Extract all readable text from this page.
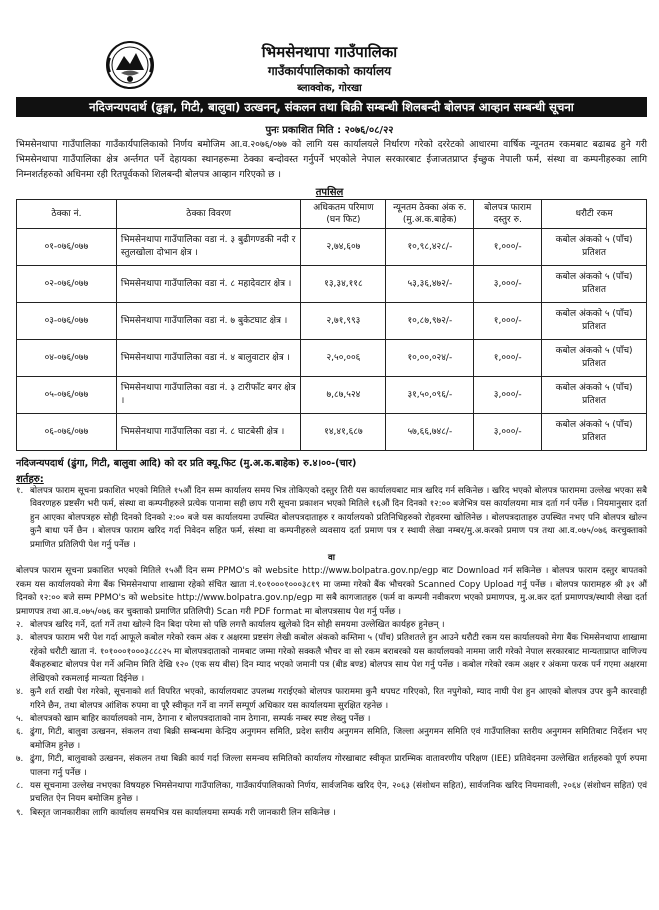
भिमसेनथापा गाउँपालिका
गाउँकार्यपालिकाको कार्यालय
ब्लाक्वोक, गोरखा
नदिजन्यपदार्थ (ढुङ्गा, गिटी, बालुवा) उत्खनन्, संकलन तथा बिक्री सम्बन्धी शिलबन्दी बोलपत्र आव्हान सम्बन्धी सूचना
पुनः प्रकाशित मिति : २०७६/०८/२२
भिमसेनथापा गाउँपालिका गाउँकार्यपालिकाको निर्णय बमोजिम आ.व.२०७६/०७७ को लागि यस कार्यालयले निर्धारण गरेको दररेटको आधारमा वार्षिक न्यूनतम रकमबाट बढाबढ हुने गरी भिमसेनथापा गाउँपालिका क्षेत्र अर्न्तगत पर्ने देहायका स्थानहरूमा ठेक्का बन्दोवस्त गर्नुपर्ने भएकोले नेपाल सरकारबाट ईजाजतप्राप्त ईच्छुक नेपाली फर्म, संस्था वा कम्पनीहरुका लागि निम्नशर्तहरुको अधिनमा रही रितपूर्वकको शिलबन्दी बोलपत्र आव्हान गरिएको छ ।
तपसिल
ठेक्का नं.	ठेक्का विवरण	अधिकतम परिमाण (घन फिट)	न्यूनतम ठेक्का अंक रु.(मु.अ.क.बाहेक)	बोलपत्र फाराम दस्तुर रु.	धरौटी रकम
०१-०७६/०७७	भिमसेनथापा गाउँपालिका वडा नं. ३ बुढीगण्डकी नदी र स्तुलखोला दोभान क्षेत्र ।	२,७४,६०७	१०,९८,४२८/-	१,०००/-	कबोल अंकको ५ (पाँच) प्रतिशत
०२-०७६/०७७	भिमसेनथापा गाउँपालिका वडा नं. ८ महादेवटार क्षेत्र ।	१३,३४,११८	५३,३६,४७२/-	३,०००/-	कबोल अंकको ५ (पाँच) प्रतिशत
०३-०७६/०७७	भिमसेनथापा गाउँपालिका वडा नं. ७ बुकेटघाट क्षेत्र ।	२,७१,९९३	१०,८७,९७२/-	१,०००/-	कबोल अंकको ५ (पाँच) प्रतिशत
०४-०७६/०७७	भिमसेनथापा गाउँपालिका वडा नं. ४ बालुवाटार क्षेत्र ।	२,५०,००६	१०,००,०२४/-	१,०००/-	कबोल अंकको ५ (पाँच) प्रतिशत
०५-०७६/०७७	भिमसेनथापा गाउँपालिका वडा नं. ३ टारीफाँट बगर क्षेत्र ।	७,८७,५२४	३१,५०,०९६/-	३,०००/-	कबोल अंकको ५ (पाँच) प्रतिशत
०६-०७६/०७७	भिमसेनथापा गाउँपालिका वडा नं. ८ घाटबेसी क्षेत्र ।	१४,४१,६८७	५७,६६,७४८/-	३,०००/-	कबोल अंकको ५ (पाँच) प्रतिशत
नदिजन्यपदार्थ (ढुंगा, गिटी, बालुवा आदि) को दर प्रति क्यू.फिट (मु.अ.क.बाहेक) रु.४।००-(चार)
शर्तहरु:
१. बोलपत्र फाराम सूचना प्रकाशित भएको मितिले १५औं दिन सम्म कार्यालय समय भित्र तोकिएको दस्तुर तिरी यस कार्यालयबाट मात्र खरिद गर्न सकिनेछ । खरिद भएको बोलपत्र फाराममा उल्लेख भएका सबै विवरणहरु प्रष्टसँग भरी फर्म, संस्था वा कम्पनीहरुले प्रत्येक पानामा सही छाप गरी सूचना प्रकाशन भएको मितिले १६औं दिन दिनको १२:०० बजेभित्र यस कार्यालयमा मात्र दर्ता गर्न पर्नेछ । नियमानुसार दर्ता हुन आएका बोलपत्रहरु सोही दिनको दिनको २:०० बजे यस कार्यालयमा उपस्थित बोलपत्रदाताहरु र कार्यालयको प्रतिनिधिहरुको रोहवरमा खोलिनेछ । बोलपत्रदाताहरु उपस्थित नभए पनि बोलपत्र खोल्न कुनै बाधा पर्ने छैन । बोलपत्र फाराम खरिद गर्दा निवेदन सहित फर्म, संस्था वा कम्पनीहरुले व्यवसाय दर्ता प्रमाण पत्र र स्थायी लेखा नम्बर/मु.अ.करको प्रमाण पत्र तथा आ.व.०७५/०७६ करचुक्ताको प्रमाणित प्रतिलिपी पेश गर्नु पर्नेछ ।
वा
बोलपत्र फाराम सूचना प्रकाशित भएको मितिले १५औं दिन सम्म PPMO's को website http://www.bolpatra.gov.np/egp बाट Download गर्न सकिनेछ । बोलपत्र फाराम दस्तुर बापतको रकम यस कार्यालयको मेगा बैंक भिमसेनथापा शाखामा रहेको संचित खाता नं.१०१०००१०००३८१९ मा जम्मा गरेको बैंक भौचरको Scanned Copy Upload गर्नु पर्नेछ । बोलपत्र फारामहरु श्री ३१ औं दिनको १२:०० बजे सम्म PPMO's को website http://www.bolpatra.gov.np/egp मा सबै कागजातहरु (फर्म वा कम्पनी नवीकरण भएको प्रमाणपत्र, मु.अ.कर दर्ता प्रमाणपत्र/स्थायी लेखा दर्ता प्रमाणपत्र तथा आ.व.०७५/०७६ कर चुक्ताको प्रमाणित प्रतिलिपी) Scan गरी PDF format मा बोलपत्रसाथ पेश गर्नु पर्नेछ ।
२. बोलपत्र खरिद गर्ने, दर्ता गर्ने तथा खोल्ने दिन बिदा परेमा सो पछि लगत्तै कार्यालय खुलेको दिन सोही समयमा उल्लेखित कार्यहरु हुनेछन् ।
३. बोलपत्र फाराम भरी पेश गर्दा आफूले कबोल गरेको रकम अंक र अक्षरमा प्रष्टसंग लेखी कबोल अंकको कम्तिमा ५ (पाँच) प्रतिशतले हुन आउने धरौटी रकम यस कार्यालयको मेगा बैंक भिमसेनथापा शाखामा रहेको धरौटी खाता नं. १०१०००१०००३८८८२५ मा बोलपत्रदाताको नामबाट जम्मा गरेको सक्कलै भौचर वा सो रकम बराबरको यस कार्यालयको नाममा जारी गरेको नेपाल सरकारबाट मान्यताप्राप्त वाणिज्य बैंकहरुबाट बोलपत्र पेश गर्ने अन्तिम मिति देखि १२० (एक सय बीस) दिन म्याद भएको जमानी पत्र (बीड बण्ड) बोलपत्र साथ पेश गर्नु पर्नेछ । कबोल गरेको रकम अक्षर र अंकमा फरक पर्न गएमा अक्षरमा लेखिएको रकमलाई मान्यता दिईनेछ ।
४. कुनै शर्त राखी पेश गरेको, सूचनाको शर्त विपरित भएको, कार्यालयबाट उपलब्ध गराईएको बोलपत्र फाराममा कुनै थपघट गरिएको, रित नपुगेको, म्याद नाघी पेश हुन आएको बोलपत्र उपर कुनै कारवाही गरिने छैन, तथा बोलपत्र आंशिक रुपमा वा पूरै स्वीकृत गर्ने वा नगर्ने सम्पूर्ण अधिकार यस कार्यालयमा सुरक्षित रहनेछ ।
५. बोलपत्रको खाम बाहिर कार्यालयको नाम, ठेगाना र बोलपत्रदाताको नाम ठेगाना, सम्पर्क नम्बर स्पष्ट लेख्नु पर्नेछ ।
६. ढुंगा, गिटी, बालुवा उत्खनन, संकलन तथा बिक्री सम्बन्धमा केन्द्रिय अनुगमन समिति, प्रदेश स्तरीय अनुगमन समिति, जिल्ला अनुगमन समिति एवं गाउँपालिका स्तरीय अनुगमन समितिबाट निर्देशन भए बमोजिम हुनेछ ।
७. ढुंगा, गिटी, बालुवाको उत्खनन, संकलन तथा बिक्री कार्य गर्दा जिल्ला समन्वय समितिको कार्यालय गोरखाबाट स्वीकृत प्रारम्भिक वातावरणीय परिक्षण (IEE) प्रतिवेदनमा उल्लेखित शर्तहरुको पूर्ण रुपमा पालना गर्नु पर्नेछ ।
८. यस सूचनामा उल्लेख नभएका विषयहरु भिमसेनथापा गाउँपालिका, गाउँकार्यपालिकाको निर्णय, सार्वजनिक खरिद ऐन, २०६३ (संशोधन सहित), सार्वजनिक खरिद नियमावली, २०६४ (संशोधन सहित) एवं प्रचलित ऐन नियम बमोजिम हुनेछ ।
९. बिस्तृत जानकारीका लागि कार्यालय समयभित्र यस कार्यालयमा सम्पर्क गरी जानकारी लिन सकिनेछ ।
